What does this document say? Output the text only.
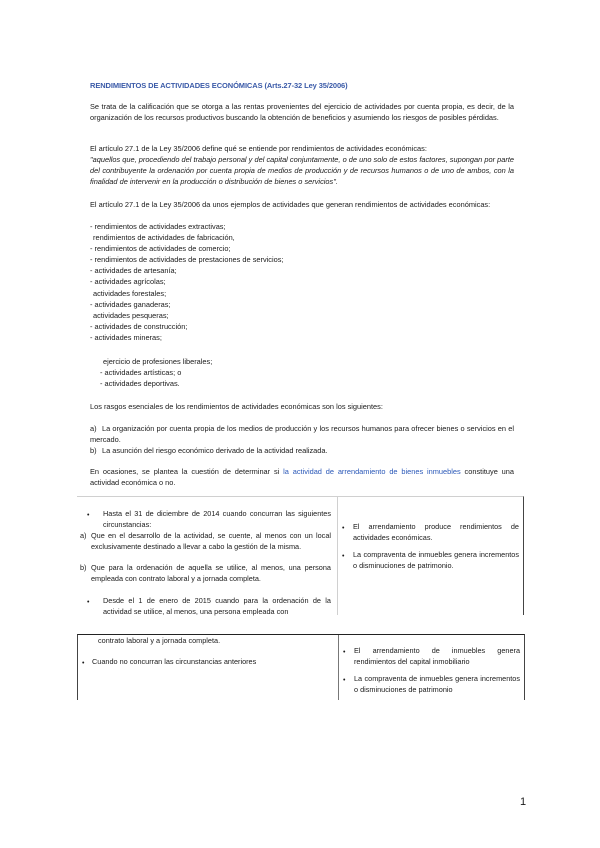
RENDIMIENTOS DE ACTIVIDADES ECONÓMICAS (Arts.27-32 Ley 35/2006)
Se trata de la calificación que se otorga a las rentas provenientes del ejercicio de actividades por cuenta propia, es decir, de la organización de los recursos productivos buscando la obtención de beneficios y asumiendo los riesgos de posibles pérdidas.
El artículo 27.1 de la Ley 35/2006 define qué se entiende por rendimientos de actividades económicas:
"aquellos que, procediendo del trabajo personal y del capital conjuntamente, o de uno solo de estos factores, supongan por parte del contribuyente la ordenación por cuenta propia de medios de producción y de recursos humanos o de uno de ambos, con la finalidad de intervenir en la producción o distribución de bienes o servicios".
El artículo 27.1 de la Ley 35/2006 da unos ejemplos de actividades que generan rendimientos de actividades económicas:
- rendimientos de actividades extractivas;
rendimientos de actividades de fabricación,
- rendimientos de actividades de comercio;
- rendimientos de actividades de prestaciones de servicios;
- actividades de artesanía;
- actividades agrícolas;
actividades forestales;
- actividades ganaderas;
actividades pesqueras;
- actividades de construcción;
- actividades mineras;
ejercicio de profesiones liberales;
- actividades artísticas; o
- actividades deportivas.
Los rasgos esenciales de los rendimientos de actividades económicas son los siguientes:
a) La organización por cuenta propia de los medios de producción y los recursos humanos para ofrecer bienes o servicios en el mercado.
b) La asunción del riesgo económico derivado de la actividad realizada.
En ocasiones, se plantea la cuestión de determinar si la actividad de arrendamiento de bienes inmuebles constituye una actividad económica o no.
• Hasta el 31 de diciembre de 2014 cuando concurran las siguientes circunstancias:
a) Que en el desarrollo de la actividad, se cuente, al menos con un local exclusivamente destinado a llevar a cabo la gestión de la misma.
b) Que para la ordenación de aquella se utilice, al menos, una persona empleada con contrato laboral y a jornada completa.
• Desde el 1 de enero de 2015 cuando para la ordenación de la actividad se utilice, al menos, una persona empleada con
• El arrendamiento produce rendimientos de actividades económicas.
• La compraventa de inmuebles genera incrementos o disminuciones de patrimonio.
contrato laboral y a jornada completa.
• Cuando no concurran las circunstancias anteriores
• El arrendamiento de inmuebles genera rendimientos del capital inmobiliario
• La compraventa de inmuebles genera incrementos o disminuciones de patrimonio
1
